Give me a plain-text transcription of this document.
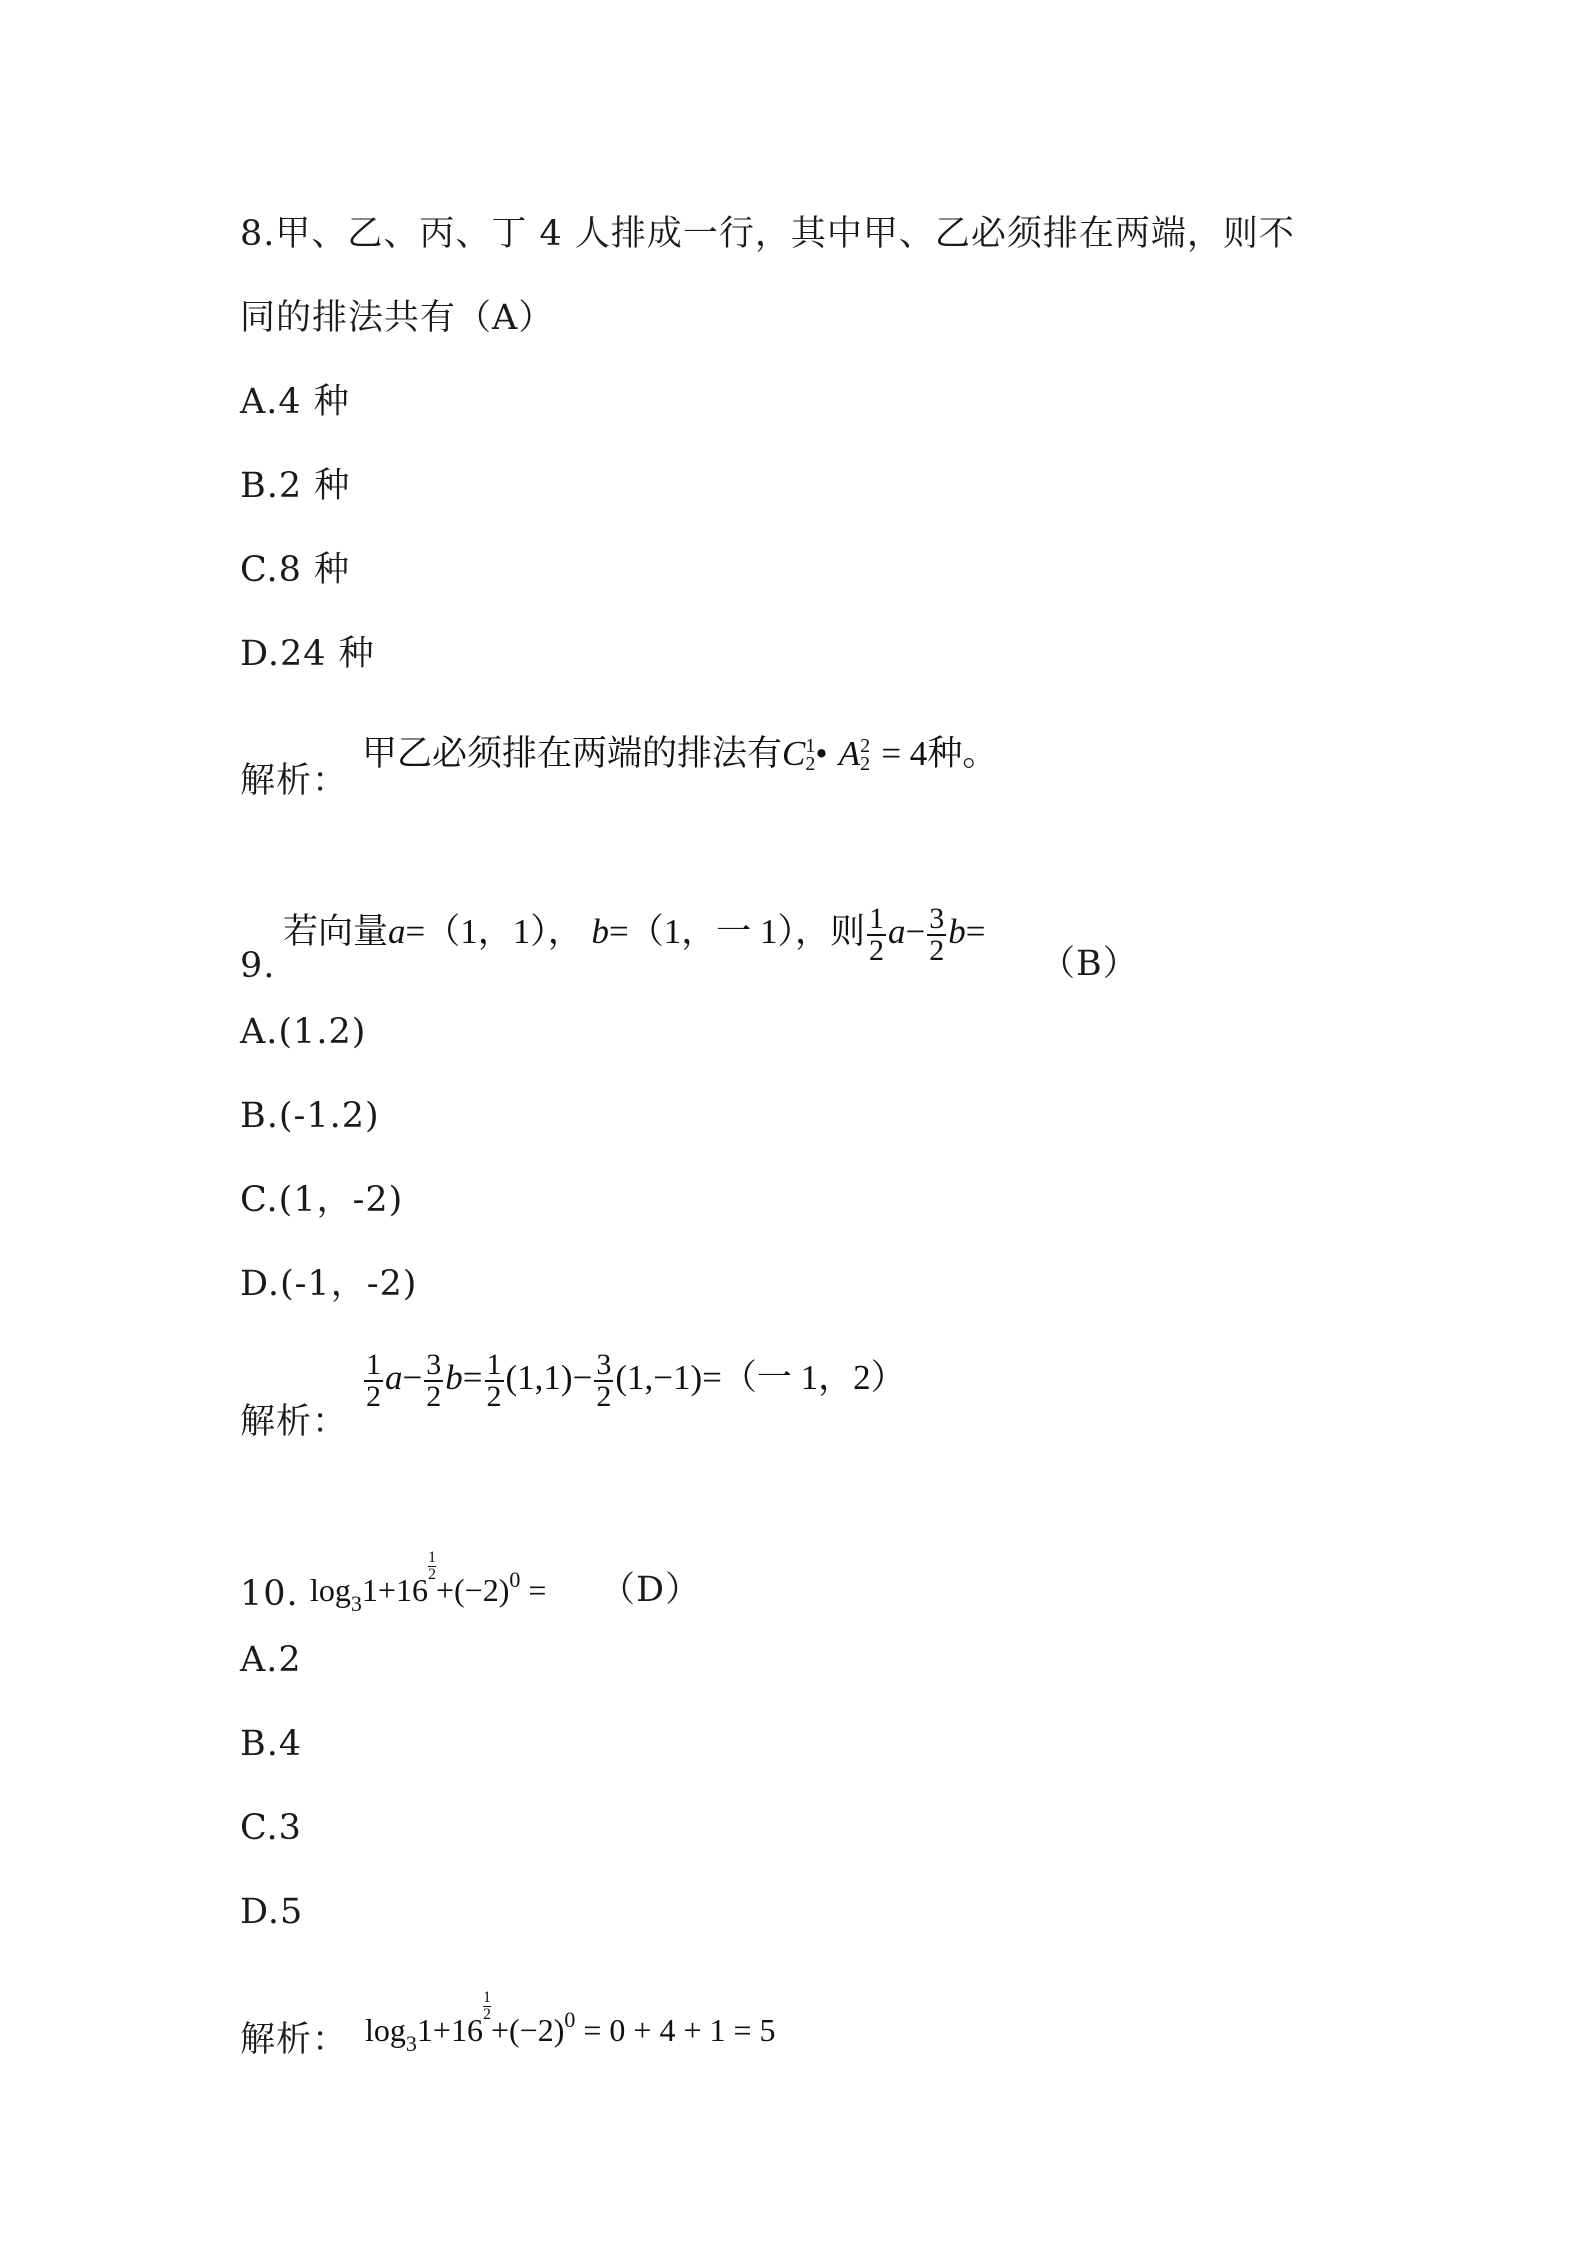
8.甲、乙、丙、丁 4 人排成一行，其中甲、乙必须排在两端，则不
同的排法共有（A）
A.4 种
B.2 种
C.8 种
D.24 种
解析：
甲乙必须排在两端的排法有C 1
2 • A 2
2 = 4种。
9.
若向量a=（1，1）， b=（1，一 1），则 $\frac{1}{2} a- \frac{3}{2} b=$
（B）
A.(1.2)
B.(-1.2)
C.(1，-2)
D.(-1，-2)
解析：
$\frac{1}{2} a- \frac{3}{2} b= \frac{1}{2} (1,1)- \frac{3}{2} (1,-1)=$（一 1，2）
10. $\log_31+16$
$\frac{1}{2}$
$+(-2)^0 = (D)$
A.2
B.4
C.3
D.5
解析： $\log_31+16$
$\frac{1}{2}$
$+(-2)^0 = 0 + 4 + 1 = 5$
